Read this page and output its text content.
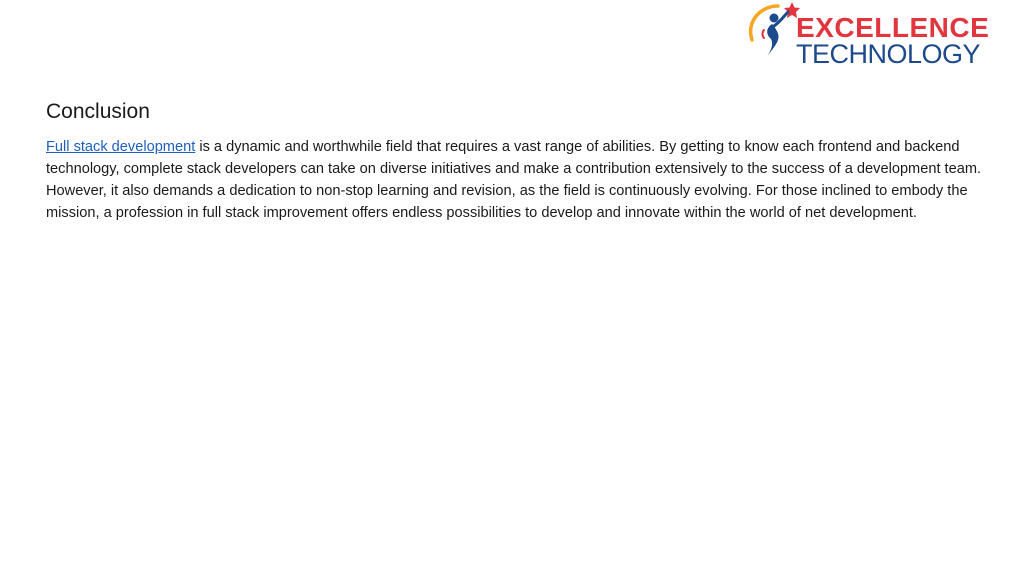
EXCELLENCE
TECHNOLOGY
Conclusion

Full stack development is a dynamic and worthwhile field that requires a vast range of abilities. By getting to know each frontend and backend technology, complete stack developers can take on diverse initiatives and make a contribution extensively to the success of a development team. However, it also demands a dedication to non-stop learning and revision, as the field is continuously evolving. For those inclined to embody the mission, a profession in full stack improvement offers endless possibilities to develop and innovate within the world of net development.
